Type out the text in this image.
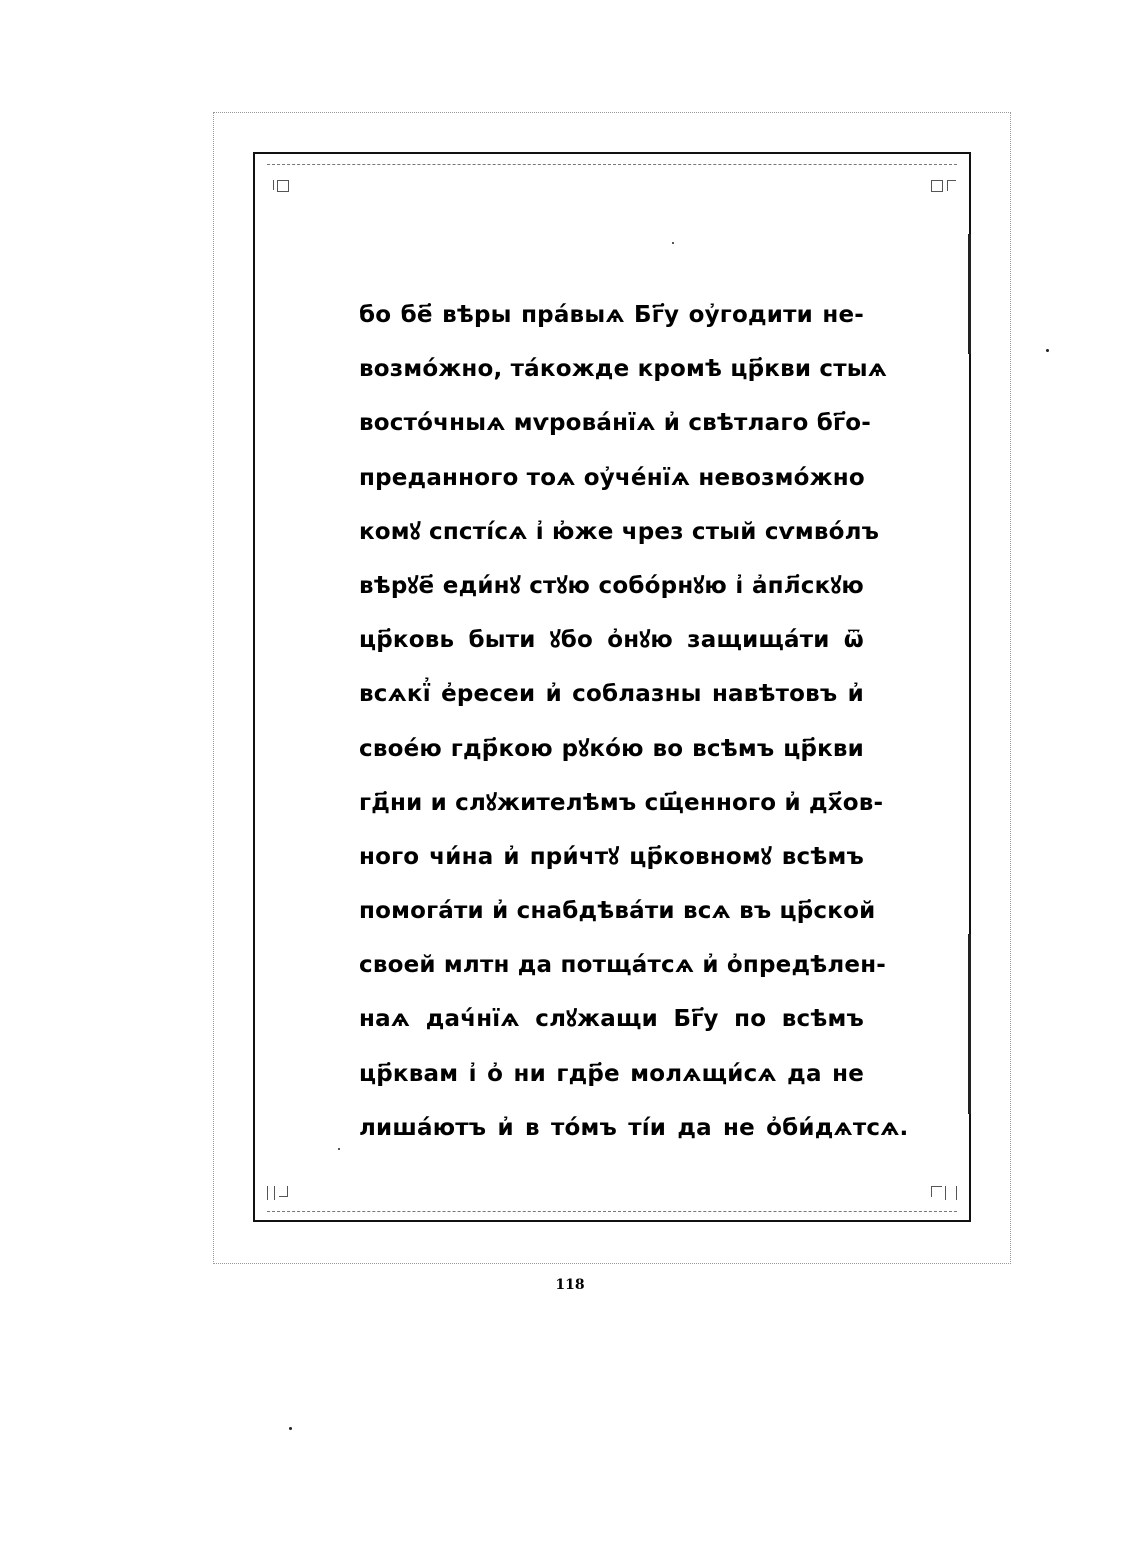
бо бе҃ вѣры пра́выѧ Бг҃у оу҆годити не-
возмо́жно, та́кожде кромѣ цр҃кви стыѧ
восто́чныѧ мѵрова́нїѧ и҆ свѣтлаго бг҃о-
преданного тоѧ оу҆че́нїѧ невозмо́жно
комꙋ спстíсѧ і҆ ю҆же чрез стый сѵмво́лъ
вѣрꙋе҃ еди́нꙋ стꙋю собо́рнꙋю і҆ а҆пл҃скꙋю
цр҃ковь быти ꙋбо о҆нꙋю защища́ти ѿ
всѧкї҆ е҆ресеи и҆ соблазны навѣтовъ и҆
свое́ю гдр҃кою рꙋко́ю во всѣмъ цр҃кви
гд҃ни и слꙋжителѣмъ сщ҃енного и҆ дх҃ов-
ного чи́на и҆ при́чтꙋ цр҃ковномꙋ всѣмъ
помога́ти и҆ снабдѣва́ти всѧ въ цр҃ской
своей млтн да потща́тсѧ и҆ о҆предѣлен-
наѧ дач́нїѧ слꙋжащи Бг҃у по всѣмъ
цр҃квам і҆ о҆ ни гдр҃е молѧщи́сѧ да не
лиша́ютъ и҆ в то́мъ тíи да не о҆би́дѧтсѧ.
118
